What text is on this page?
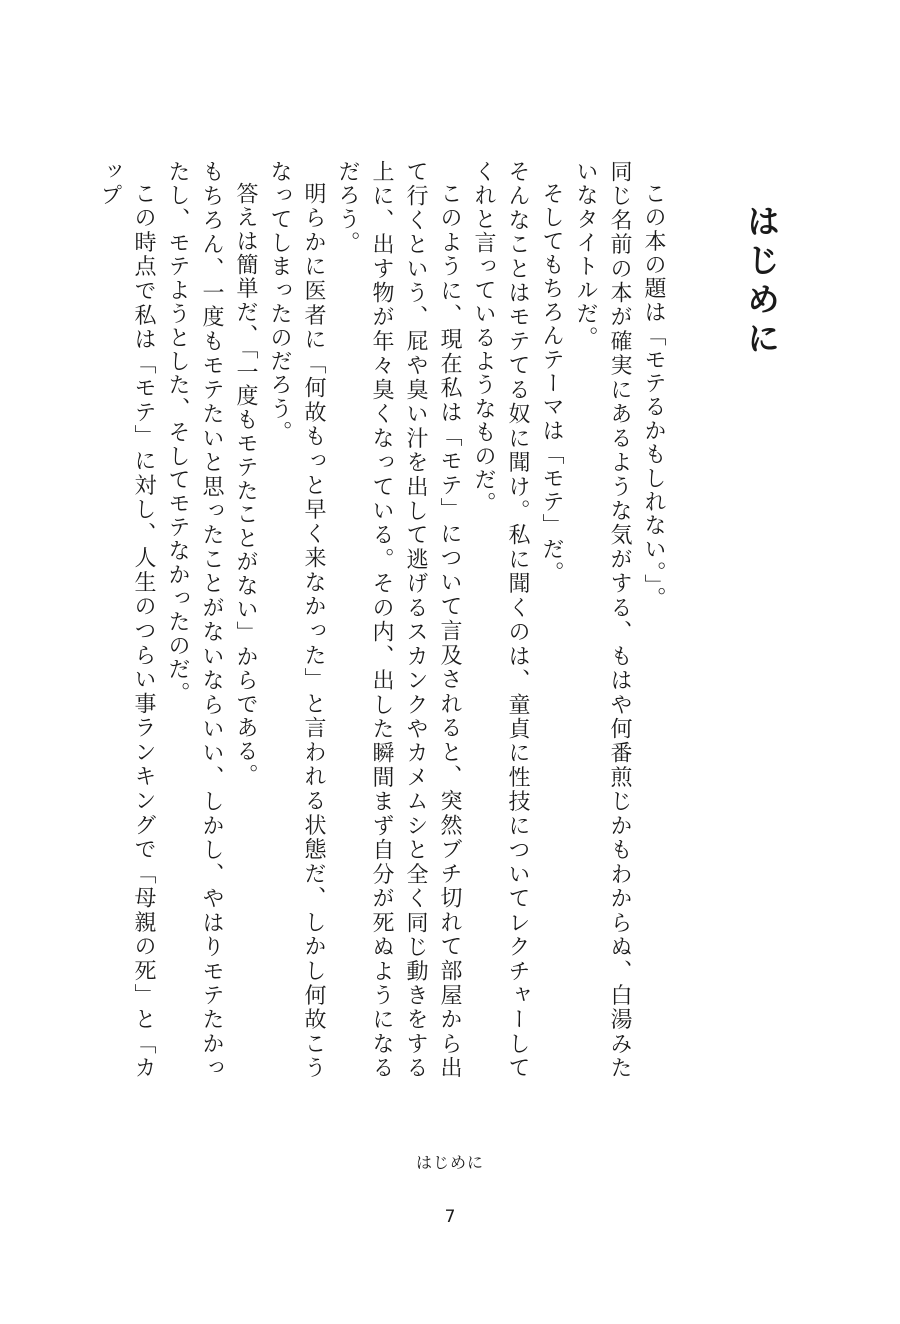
はじめに

この本の題は「モテるかもしれない。」。

同じ名前の本が確実にあるような気がする、もはや何番煎じかもわからぬ、白湯みたいなタイトルだ。

そしてもちろんテーマは「モテ」だ。

そんなことはモテてる奴に聞け。私に聞くのは、童貞に性技についてレクチャーしてくれと言っているようなものだ。

このように、現在私は「モテ」について言及されると、突然ブチ切れて部屋から出て行くという、屁や臭い汁を出して逃げるスカンクやカメムシと全く同じ動きをする上に、出す物が年々臭くなっている。その内、出した瞬間まず自分が死ぬようになるだろう。

明らかに医者に「何故もっと早く来なかった」と言われる状態だ、しかし何故こうなってしまったのだろう。

答えは簡単だ、「一度もモテたことがない」からである。

もちろん、一度もモテたいと思ったことがないならいい、しかし、やはりモテたかったし、モテようとした、そしてモテなかったのだ。

この時点で私は「モテ」に対し、人生のつらい事ランキングで「母親の死」と「カップ

はじめに
7
